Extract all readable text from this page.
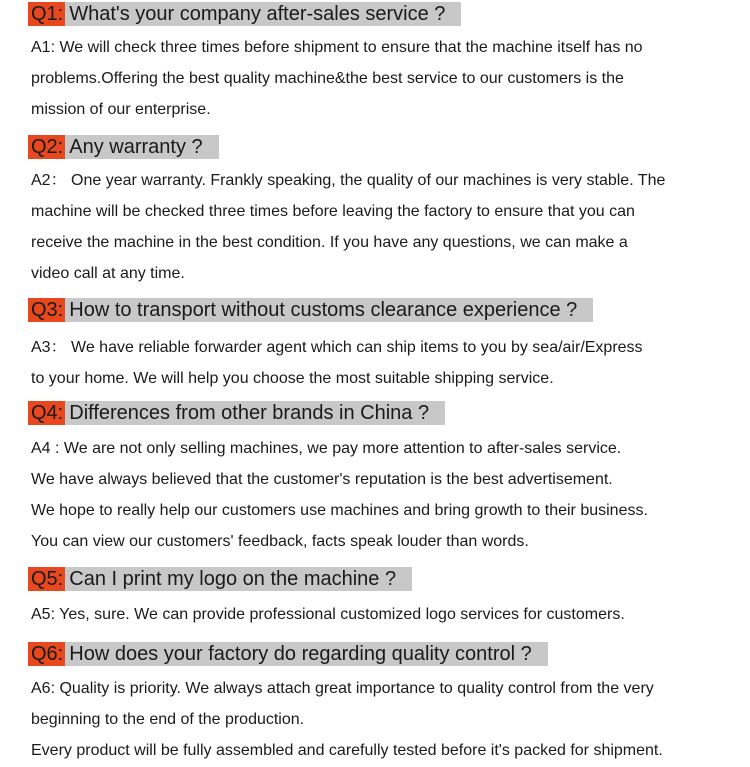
Q1: What's your company after-sales service ?

A1: We will check three times before shipment to ensure that the machine itself has no

problems.Offering the best quality machine&the best service to our customers is the

mission of our enterprise.

Q2: Any warranty ?

A2： One year warranty. Frankly speaking, the quality of our machines is very stable. The

machine will be checked three times before leaving the factory to ensure that you can

receive the machine in the best condition. If you have any questions, we can make a

video call at any time.

Q3: How to transport without customs clearance experience ?

A3： We have reliable forwarder agent which can ship items to you by sea/air/Express

to your home. We will help you choose the most suitable shipping service.

Q4: Differences from other brands in China ?

A4 : We are not only selling machines, we pay more attention to after-sales service.

We have always believed that the customer's reputation is the best advertisement.

We hope to really help our customers use machines and bring growth to their business.

You can view our customers' feedback, facts speak louder than words.

Q5: Can I print my logo on the machine ?

A5: Yes, sure. We can provide professional customized logo services for customers.

Q6: How does your factory do regarding quality control ?

A6: Quality is priority. We always attach great importance to quality control from the very

beginning to the end of the production.

Every product will be fully assembled and carefully tested before it's packed for shipment.
